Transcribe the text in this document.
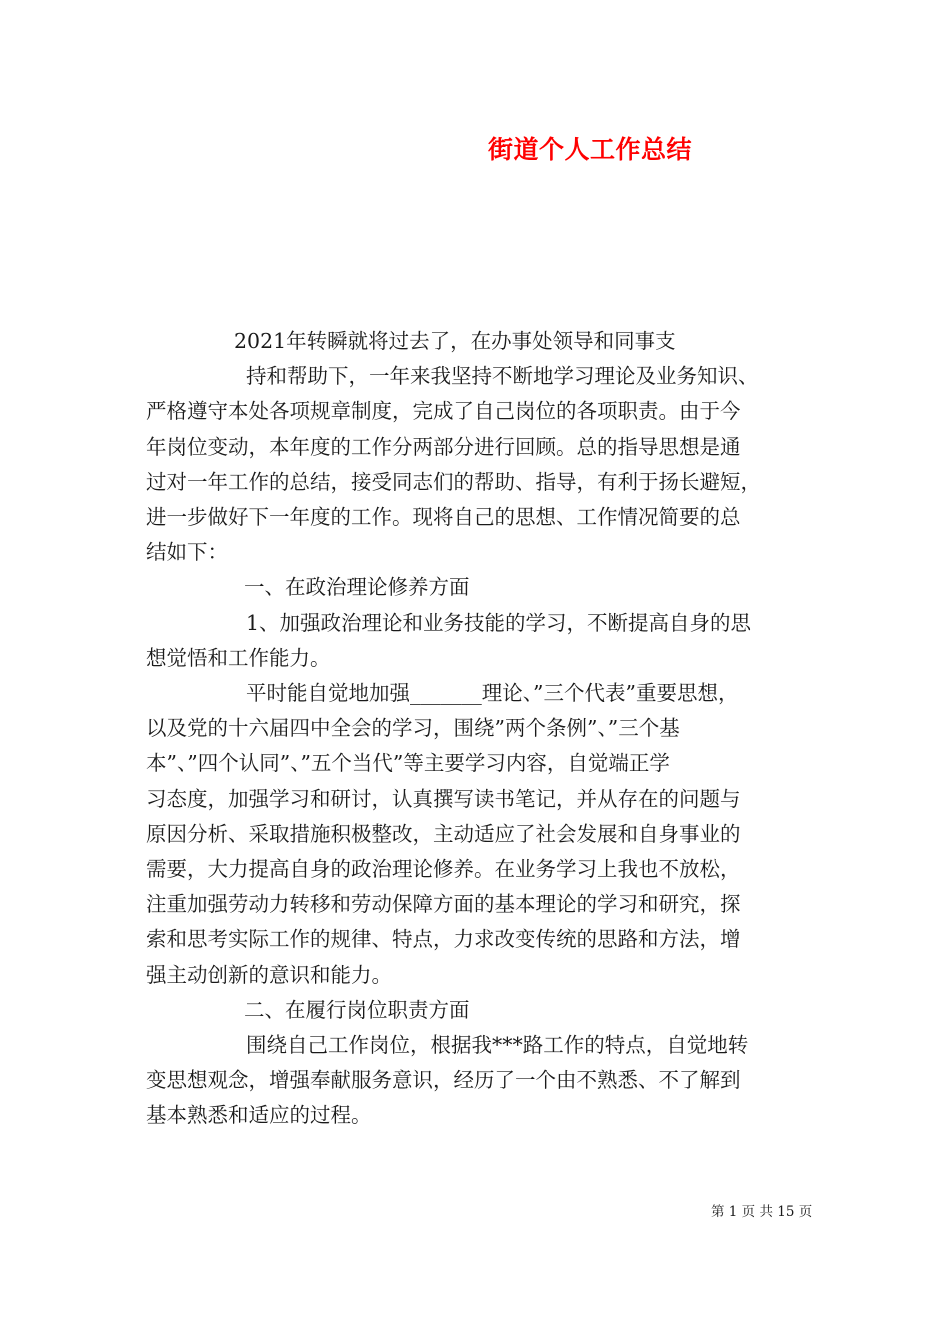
街道个人工作总结

2021年转瞬就将过去了，在办事处领导和同事支

持和帮助下，一年来我坚持不断地学习理论及业务知识、

严格遵守本处各项规章制度，完成了自己岗位的各项职责。由于今

年岗位变动，本年度的工作分两部分进行回顾。总的指导思想是通

过对一年工作的总结，接受同志们的帮助、指导，有利于扬长避短，

进一步做好下一年度的工作。现将自己的思想、工作情况简要的总

结如下：

一、在政治理论修养方面

1、加强政治理论和业务技能的学习，不断提高自身的思

想觉悟和工作能力。

平时能自觉地加强_______理论、”三个代表”重要思想，

以及党的十六届四中全会的学习，围绕”两个条例”、”三个基

本”、”四个认同”、”五个当代”等主要学习内容，自觉端正学

习态度，加强学习和研讨，认真撰写读书笔记，并从存在的问题与

原因分析、采取措施积极整改，主动适应了社会发展和自身事业的

需要，大力提高自身的政治理论修养。在业务学习上我也不放松，

注重加强劳动力转移和劳动保障方面的基本理论的学习和研究，探

索和思考实际工作的规律、特点，力求改变传统的思路和方法，增

强主动创新的意识和能力。

二、在履行岗位职责方面

围绕自己工作岗位，根据我***路工作的特点，自觉地转

变思想观念，增强奉献服务意识，经历了一个由不熟悉、不了解到

基本熟悉和适应的过程。

第 1 页 共 15 页
